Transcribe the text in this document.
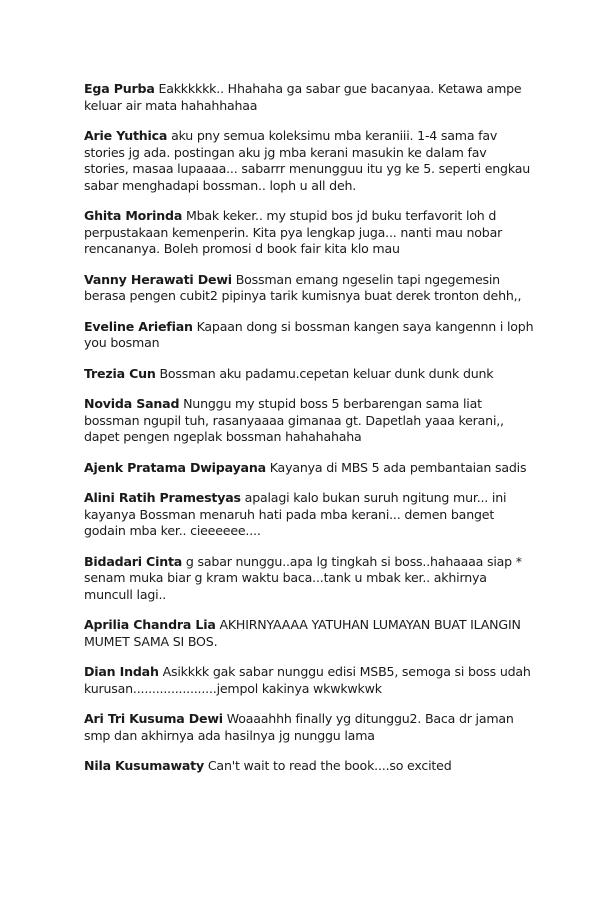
Ega Purba Eakkkkkk.. Hhahaha ga sabar gue bacanyaa. Ketawa ampe keluar air mata hahahhahaa
Arie Yuthica aku pny semua koleksimu mba keraniii. 1-4 sama fav stories jg ada. postingan aku jg mba kerani masukin ke dalam fav stories, masaa lupaaaa... sabarrr menungguu itu yg ke 5. seperti engkau sabar menghadapi bossman.. loph u all deh.
Ghita Morinda Mbak keker.. my stupid bos jd buku terfavorit loh d perpustakaan kemenperin. Kita pya lengkap juga... nanti mau nobar rencananya. Boleh promosi d book fair kita klo mau
Vanny Herawati Dewi Bossman emang ngeselin tapi ngegemesin berasa pengen cubit2 pipinya tarik kumisnya buat derek tronton dehh,,
Eveline Ariefian Kapaan dong si bossman kangen saya kangennn i loph you bosman
Trezia Cun Bossman aku padamu.cepetan keluar dunk dunk dunk
Novida Sanad Nunggu my stupid boss 5 berbarengan sama liat bossman ngupil tuh, rasanyaaaa gimanaa gt. Dapetlah yaaa kerani,, dapet pengen ngeplak bossman hahahahaha
Ajenk Pratama Dwipayana Kayanya di MBS 5 ada pembantaian sadis
Alini Ratih Pramestyas apalagi kalo bukan suruh ngitung mur... ini kayanya Bossman menaruh hati pada mba kerani... demen banget godain mba ker.. cieeeeee....
Bidadari Cinta g sabar nunggu..apa lg tingkah si boss..hahaaaa siap * senam muka biar g kram waktu baca...tank u mbak ker.. akhirnya muncull lagi..
Aprilia Chandra Lia AKHIRNYAAAA YATUHAN LUMAYAN BUAT ILANGIN MUMET SAMA SI BOS.
Dian Indah Asikkkk gak sabar nunggu edisi MSB5, semoga si boss udah kurusan......................jempol kakinya wkwkwkwk
Ari Tri Kusuma Dewi Woaaahhh finally yg ditunggu2. Baca dr jaman smp dan akhirnya ada hasilnya jg nunggu lama
Nila Kusumawaty Can't wait to read the book....so excited
